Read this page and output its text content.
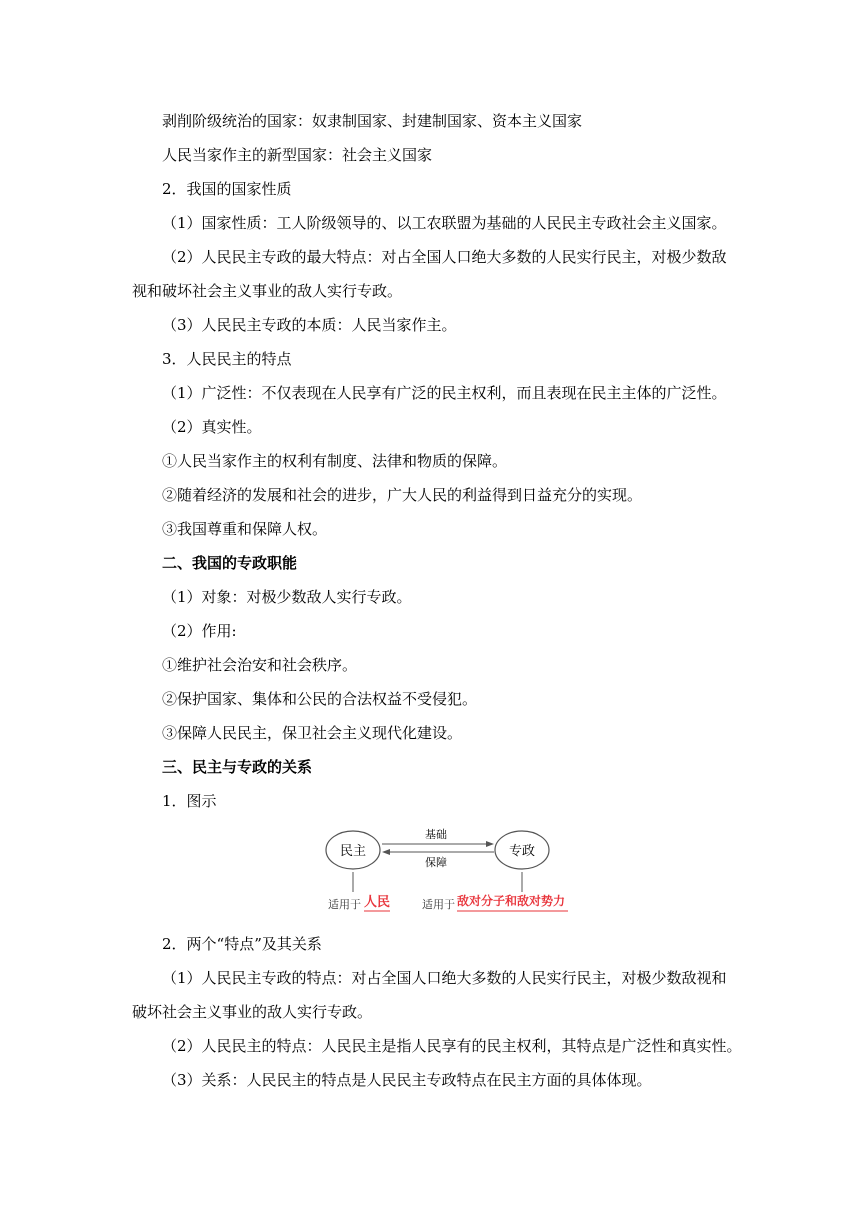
剥削阶级统治的国家：奴隶制国家、封建制国家、资本主义国家
人民当家作主的新型国家：社会主义国家
2．我国的国家性质
（1）国家性质：工人阶级领导的、以工农联盟为基础的人民民主专政社会主义国家。
（2）人民民主专政的最大特点：对占全国人口绝大多数的人民实行民主，对极少数敌
视和破坏社会主义事业的敌人实行专政。
（3）人民民主专政的本质：人民当家作主。
3．人民民主的特点
（1）广泛性：不仅表现在人民享有广泛的民主权利，而且表现在民主主体的广泛性。
（2）真实性。
①人民当家作主的权利有制度、法律和物质的保障。
②随着经济的发展和社会的进步，广大人民的利益得到日益充分的实现。
③我国尊重和保障人权。
二、我国的专政职能
（1）对象：对极少数敌人实行专政。
（2）作用:
①维护社会治安和社会秩序。
②保护国家、集体和公民的合法权益不受侵犯。
③保障人民民主，保卫社会主义现代化建设。
三、民主与专政的关系
1．图示
民主	专政
基础
保障
适用于 人民	适用于 敌对分子和敌对势力
2．两个“特点”及其关系
（1）人民民主专政的特点：对占全国人口绝大多数的人民实行民主，对极少数敌视和
破坏社会主义事业的敌人实行专政。
（2）人民民主的特点：人民民主是指人民享有的民主权利，其特点是广泛性和真实性。
（3）关系：人民民主的特点是人民民主专政特点在民主方面的具体体现。
